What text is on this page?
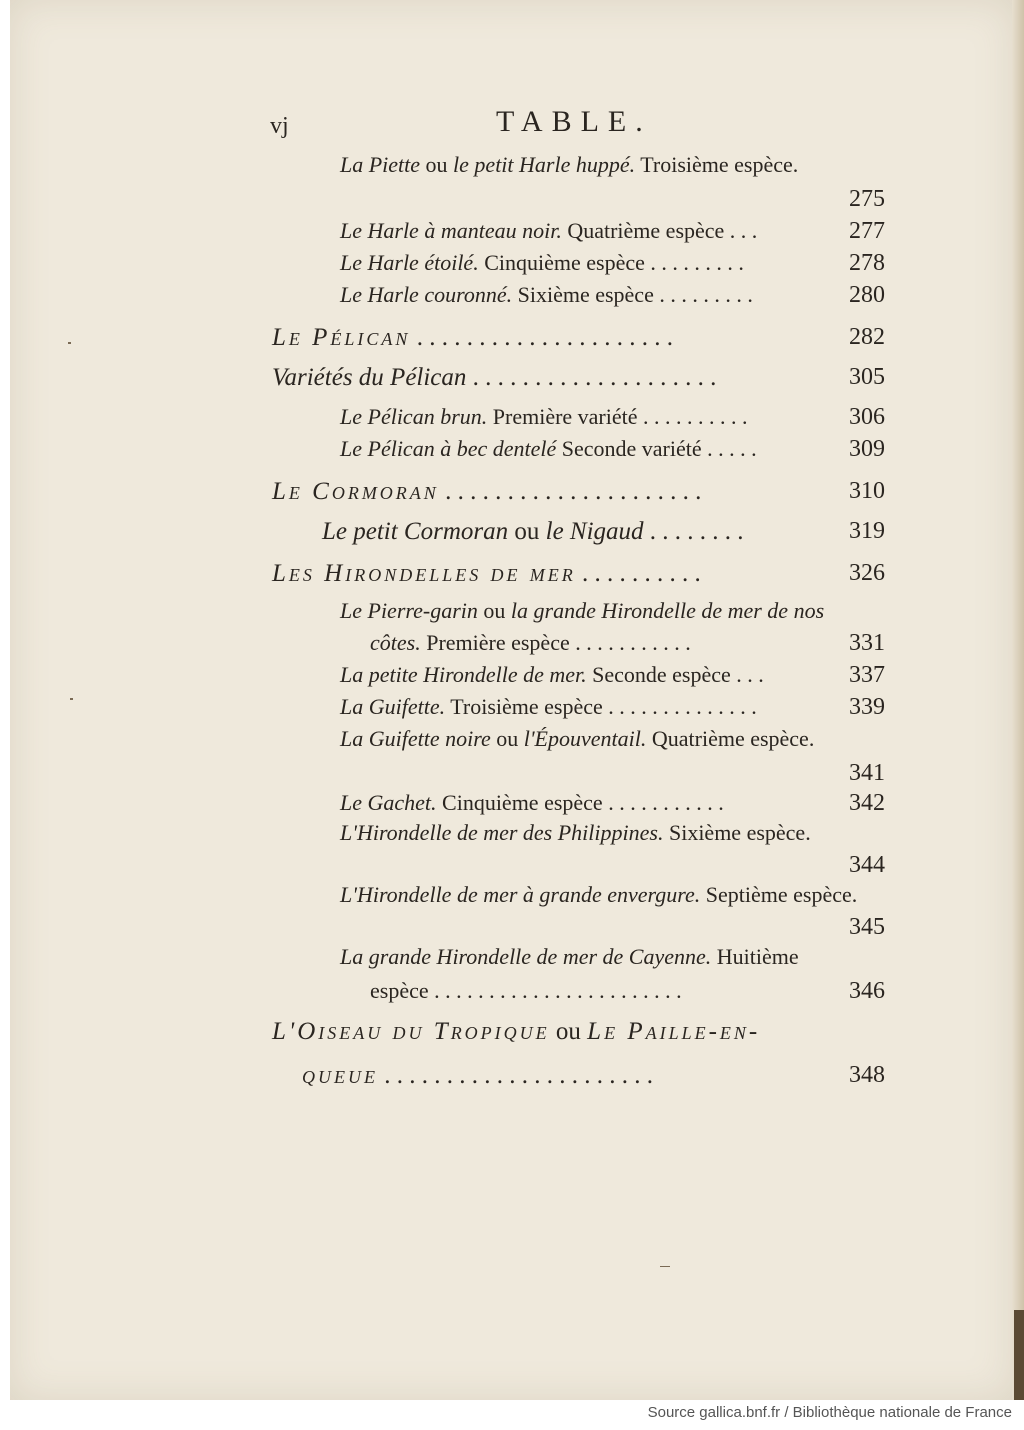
vj	TABLE.
La Piette ou le petit Harle huppé. Troisième espèce.
275
Le Harle à manteau noir. Quatrième espèce . . .	277
Le Harle étoilé. Cinquième espèce . . . . . . . . .	278
Le Harle couronné. Sixième espèce . . . . . . . . .	280
Le Pélican . . . . . . . . . . . . . . . . . . . . .	282
Variétés du Pélican . . . . . . . . . . . . . . . . . . . .	305
Le Pélican brun. Première variété . . . . . . . . . .	306
Le Pélican à bec dentelé Seconde variété . . . . .	309
Le Cormoran . . . . . . . . . . . . . . . . . . . . .	310
Le petit Cormoran ou le Nigaud . . . . . . . .	319
Les Hirondelles de mer . . . . . . . . . .	326
Le Pierre-garin ou la grande Hirondelle de mer de nos
côtes. Première espèce . . . . . . . . . . .	331
La petite Hirondelle de mer. Seconde espèce . . .	337
La Guifette. Troisième espèce . . . . . . . . . . . . . .	339
La Guifette noire ou l'Épouventail. Quatrième espèce.
341
Le Gachet. Cinquième espèce . . . . . . . . . . .	342
L'Hirondelle de mer des Philippines. Sixième espèce.
344
L'Hirondelle de mer à grande envergure. Septième espèce.
345
La grande Hirondelle de mer de Cayenne. Huitième
espèce . . . . . . . . . . . . . . . . . . . . . . .	346
L'Oiseau du Tropique ou Le Paille-en-
queue . . . . . . . . . . . . . . . . . . . . . .	348
Source gallica.bnf.fr / Bibliothèque nationale de France
